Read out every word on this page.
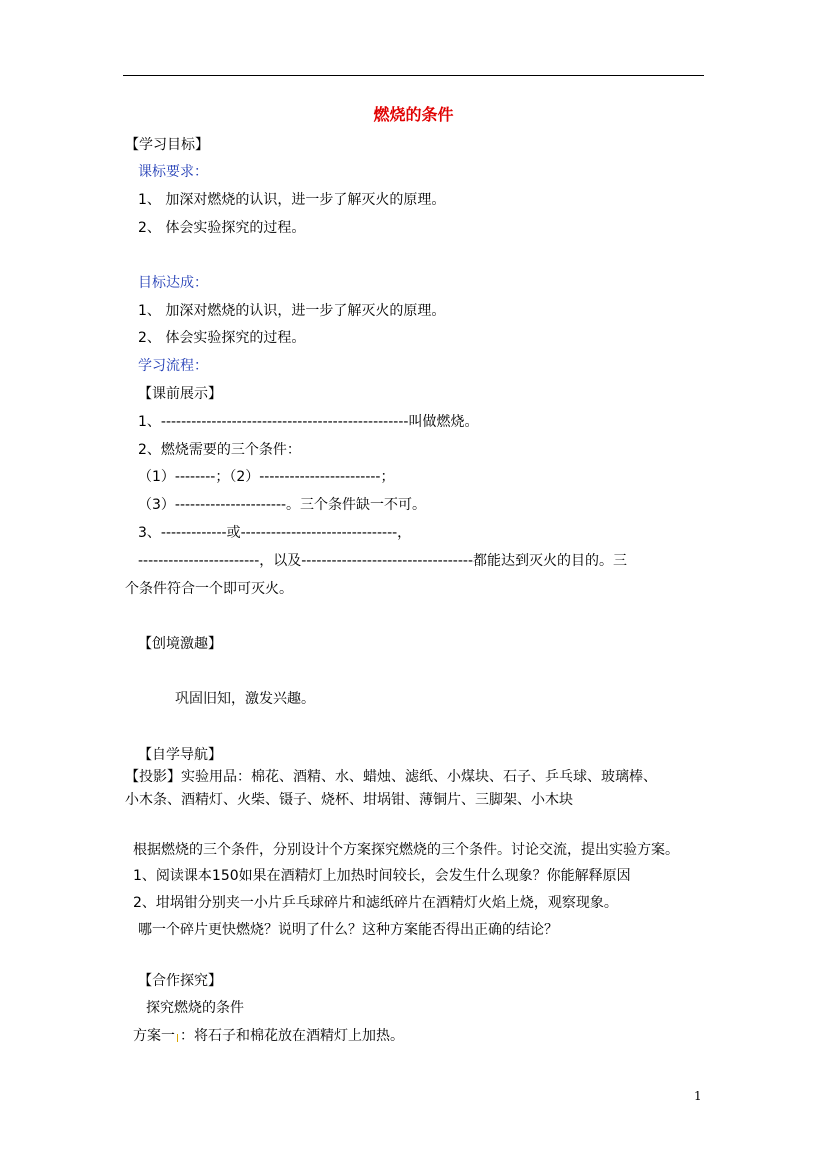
燃烧的条件
【学习目标】
课标要求：
1、 加深对燃烧的认识，进一步了解灭火的原理。
2、 体会实验探究的过程。
目标达成：
1、 加深对燃烧的认识，进一步了解灭火的原理。
2、 体会实验探究的过程。
学习流程：
【课前展示】
1、-------------------------------------------------叫做燃烧。
2、燃烧需要的三个条件：
（1）--------；（2）------------------------；
（3）----------------------。三个条件缺一不可。
3、-------------或-------------------------------，
------------------------，以及----------------------------------都能达到灭火的目的。三
个条件符合一个即可灭火。
【创境激趣】
巩固旧知，激发兴趣。
【自学导航】
【投影】实验用品：棉花、酒精、水、蜡烛、滤纸、小煤块、石子、乒乓球、玻璃棒、
小木条、酒精灯、火柴、镊子、烧杯、坩埚钳、薄铜片、三脚架、小木块
根据燃烧的三个条件，分别设计个方案探究燃烧的三个条件。讨论交流，提出实验方案。
1、阅读课本150如果在酒精灯上加热时间较长，会发生什么现象？你能解释原因
2、坩埚钳分别夹一小片乒乓球碎片和滤纸碎片在酒精灯火焰上烧，观察现象。
哪一个碎片更快燃烧？说明了什么？这种方案能否得出正确的结论？
【合作探究】
探究燃烧的条件
方案一 ：将石子和棉花放在酒精灯上加热。
1
